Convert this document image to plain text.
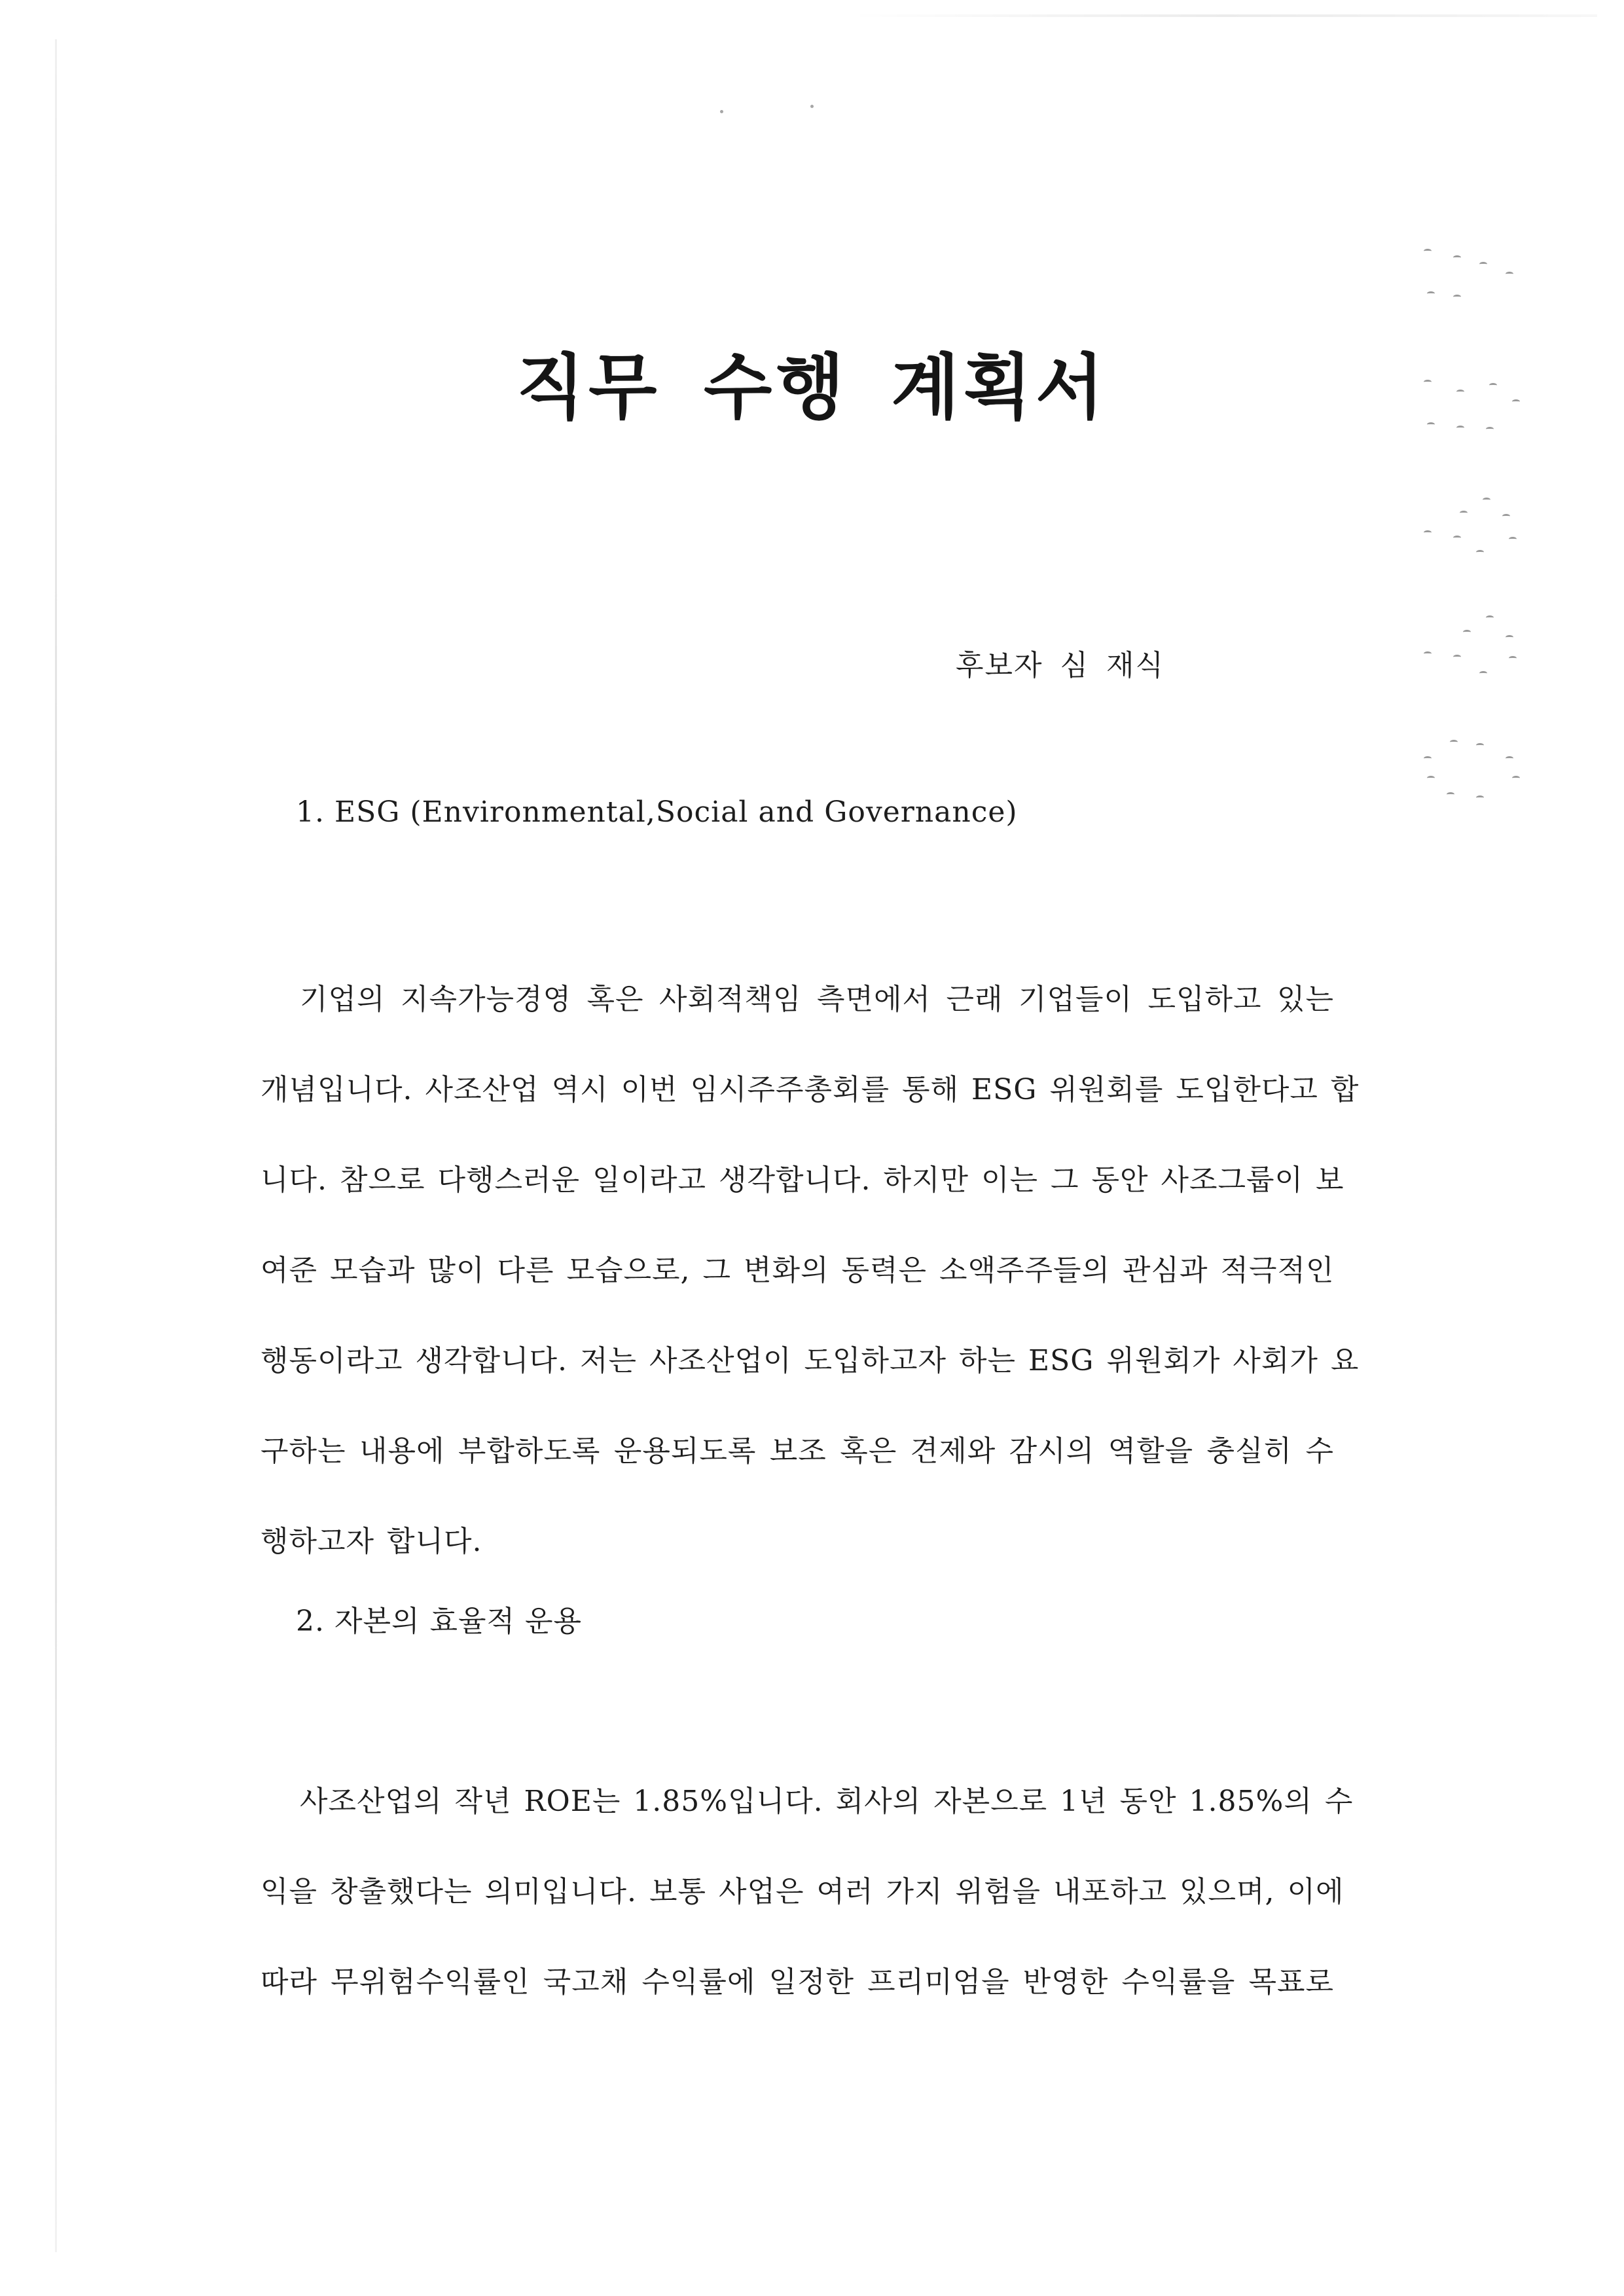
직무 수행 계획서
후보자 심 재식
1. ESG (Environmental,Social and Governance)
기업의 지속가능경영 혹은 사회적책임 측면에서 근래 기업들이 도입하고 있는
개념입니다. 사조산업 역시 이번 임시주주총회를 통해 ESG 위원회를 도입한다고 합
니다. 참으로 다행스러운 일이라고 생각합니다. 하지만 이는 그 동안 사조그룹이 보
여준 모습과 많이 다른 모습으로, 그 변화의 동력은 소액주주들의 관심과 적극적인
행동이라고 생각합니다. 저는 사조산업이 도입하고자 하는 ESG 위원회가 사회가 요
구하는 내용에 부합하도록 운용되도록 보조 혹은 견제와 감시의 역할을 충실히 수
행하고자 합니다.
2. 자본의 효율적 운용
사조산업의 작년 ROE는 1.85%입니다. 회사의 자본으로 1년 동안 1.85%의 수
익을 창출했다는 의미입니다. 보통 사업은 여러 가지 위험을 내포하고 있으며, 이에
따라 무위험수익률인 국고채 수익률에 일정한 프리미엄을 반영한 수익률을 목표로
